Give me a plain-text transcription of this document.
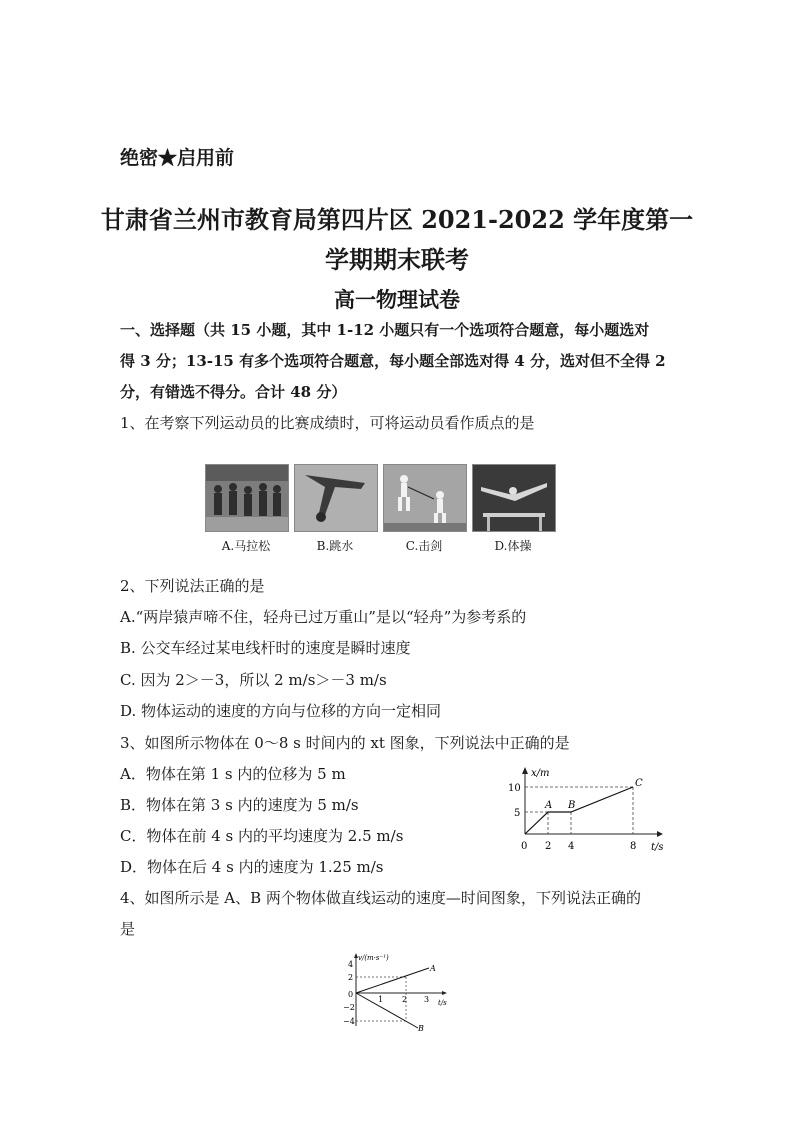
绝密★启用前
甘肃省兰州市教育局第四片区 2021-2022 学年度第一
学期期末联考
高一物理试卷
一、选择题（共 15 小题，其中 1-12 小题只有一个选项符合题意，每小题选对
得 3 分；13-15 有多个选项符合题意，每小题全部选对得 4 分，选对但不全得 2
分，有错选不得分。合计 48 分）
1、在考察下列运动员的比赛成绩时，可将运动员看作质点的是
A.马拉松	B.跳水	C.击剑	D.体操
2、下列说法正确的是
A.“两岸猿声啼不住，轻舟已过万重山”是以“轻舟”为参考系的
B. 公交车经过某电线杆时的速度是瞬时速度
C. 因为 2＞－3，所以 2 m/s＞－3 m/s
D. 物体运动的速度的方向与位移的方向一定相同
3、如图所示物体在 0～8 s 时间内的 xt 图象，下列说法中正确的是
A．物体在第 1 s 内的位移为 5 m
B．物体在第 3 s 内的速度为 5 m/s
C．物体在前 4 s 内的平均速度为 2.5 m/s
D．物体在后 4 s 内的速度为 1.25 m/s
x/m
t/s
0 2 4	8
5
10
A B
C
4、如图所示是 A、B 两个物体做直线运动的速度—时间图象，下列说法正确的
是
v/(m·s⁻¹)
t/s
0
1 2 3
4
2
−2
−4
A
B
